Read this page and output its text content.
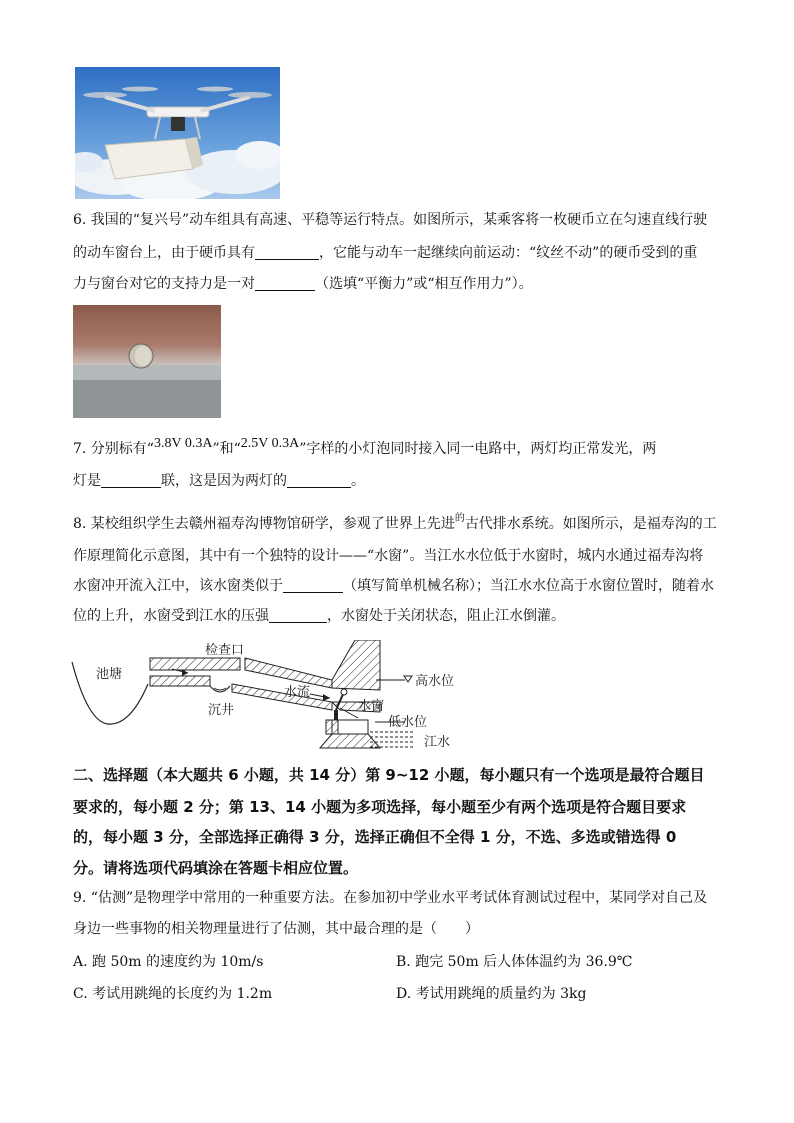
6. 我国的“复兴号”动车组具有高速、平稳等运行特点。如图所示，某乘客将一枚硬币立在匀速直线行驶
的动车窗台上，由于硬币具有	，它能与动车一起继续向前运动：“纹丝不动”的硬币受到的重
力与窗台对它的支持力是一对	（选填“平衡力”或“相互作用力”）。
7. 分别标有“3.8V 0.3A”和“2.5V 0.3A”字样的小灯泡同时接入同一电路中，两灯均正常发光，两
灯是	联，这是因为两灯的	。
8. 某校组织学生去赣州福寿沟博物馆研学，参观了世界上先进$^的$古代排水系统。如图所示，是福寿沟的工
作原理简化示意图，其中有一个独特的设计——“水窗”。当江水水位低于水窗时，城内水通过福寿沟将
水窗冲开流入江中，该水窗类似于	（填写简单机械名称）；当江水水位高于水窗位置时，随着水
位的上升，水窗受到江水的压强	，水窗处于关闭状态，阻止江水倒灌。
池塘
检查口
沉井
水流
水窗
高水位
低水位
江水
二、选择题（本大题共 6 小题，共 14 分）第 9~12 小题，每小题只有一个选项是最符合题目
要求的，每小题 2 分；第 13、14 小题为多项选择，每小题至少有两个选项是符合题目要求
的，每小题 3 分，全部选择正确得 3 分，选择正确但不全得 1 分，不选、多选或错选得 0
分。请将选项代码填涂在答题卡相应位置。
9. “估测”是物理学中常用的一种重要方法。在参加初中学业水平考试体育测试过程中，某同学对自己及
身边一些事物的相关物理量进行了估测，其中最合理的是（　　）
A. 跑 50m 的速度约为 10m/s	B. 跑完 50m 后人体体温约为 36.9℃
C. 考试用跳绳的长度约为 1.2m	D. 考试用跳绳的质量约为 3kg
